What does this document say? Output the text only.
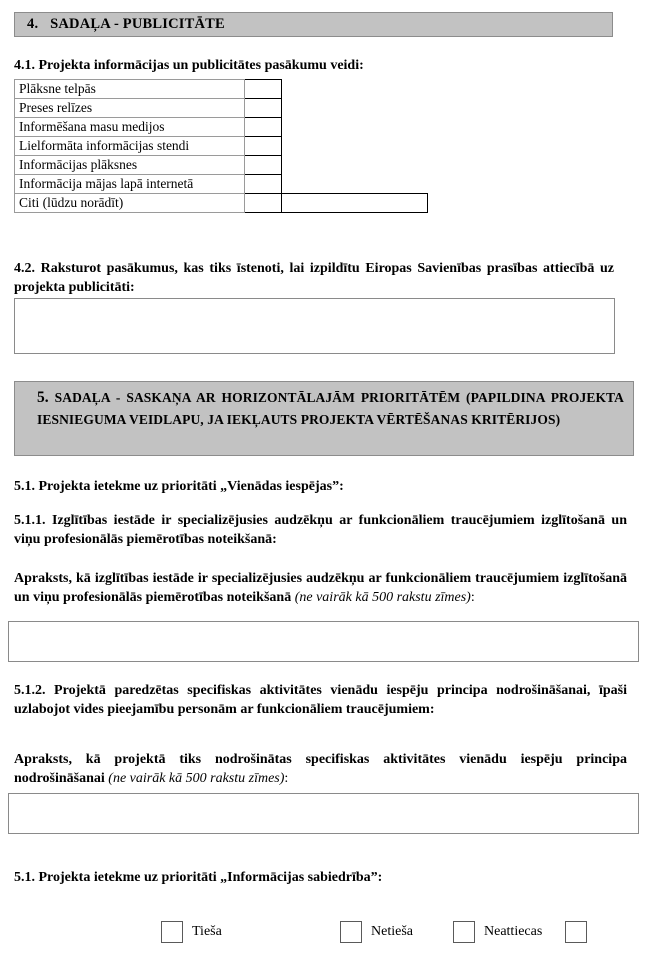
4. SADAĻA - PUBLICITĀTE
4.1. Projekta informācijas un publicitātes pasākumu veidi:
Plāksne telpās		
Preses relīzes		
Informēšana masu medijos		
Lielformāta informācijas stendi		
Informācijas plāksnes		
Informācija mājas lapā internetā		
Citi (lūdzu norādīt)		
4.2. Raksturot pasākumus, kas tiks īstenoti, lai izpildītu Eiropas Savienības prasības attiecībā uz projekta publicitāti:
5. SADAĻA - SASKAŅA AR HORIZONTĀLAJĀM PRIORITĀTĒM (PAPILDINA PROJEKTA IESNIEGUMA VEIDLAPU, JA IEKĻAUTS PROJEKTA VĒRTĒŠANAS KRITĒRIJOS)
5.1. Projekta ietekme uz prioritāti „Vienādas iespējas”:
5.1.1. Izglītības iestāde ir specializējusies audzēkņu ar funkcionāliem traucējumiem izglītošanā un viņu profesionālās piemērotības noteikšanā:
Apraksts, kā izglītības iestāde ir specializējusies audzēkņu ar funkcionāliem traucējumiem izglītošanā un viņu profesionālās piemērotības noteikšanā (ne vairāk kā 500 rakstu zīmes):
5.1.2. Projektā paredzētas specifiskas aktivitātes vienādu iespēju principa nodrošināšanai, īpaši uzlabojot vides pieejamību personām ar funkcionāliem traucējumiem:
Apraksts, kā projektā tiks nodrošinātas specifiskas aktivitātes vienādu iespēju principa nodrošināšanai (ne vairāk kā 500 rakstu zīmes):
5.1. Projekta ietekme uz prioritāti „Informācijas sabiedrība”:
Tieša	Netieša	Neattiecas
